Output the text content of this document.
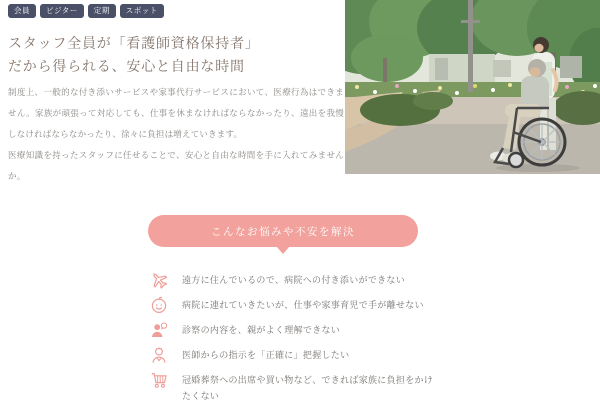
会員	ビジター	定期	スポット
スタッフ全員が「看護師資格保持者」
だから得られる、安心と自由な時間

制度上、一般的な付き添いサービスや家事代行サービスにおいて、医療行為はできません。家族が頑張って対応しても、仕事を休まなければならなかったり、遠出を我慢しなければならなかったり、徐々に負担は増えていきます。

医療知識を持ったスタッフに任せることで、安心と自由な時間を手に入れてみませんか。

こんなお悩みや不安を解決
遠方に住んでいるので、病院への付き添いができない
病院に連れていきたいが、仕事や家事育児で手が離せない
診察の内容を、親がよく理解できない
医師からの指示を「正確に」把握したい
冠婚葬祭への出席や買い物など、できれば家族に負担をかけたくない
